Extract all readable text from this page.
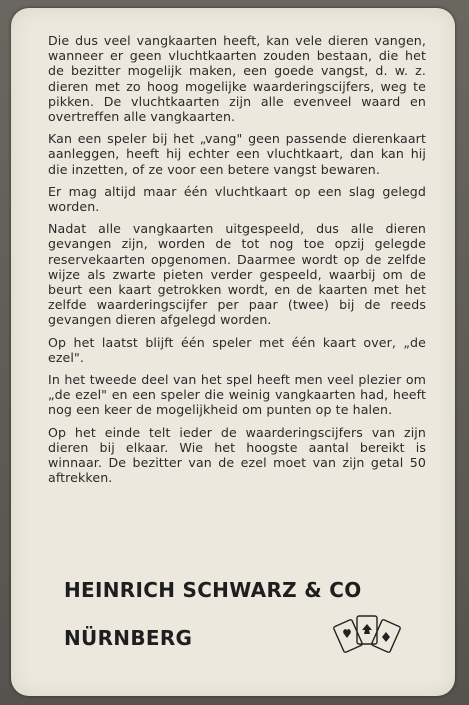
Die dus veel vangkaarten heeft, kan vele dieren vangen, wanneer er geen vluchtkaarten zouden bestaan, die het de bezitter mogelijk maken, een goede vangst, d. w. z. dieren met zo hoog mogelijke waarderingscijfers, weg te pikken. De vluchtkaarten zijn alle evenveel waard en overtreffen alle vangkaarten.

Kan een speler bij het „vang" geen passende dierenkaart aanleggen, heeft hij echter een vluchtkaart, dan kan hij die inzetten, of ze voor een betere vangst bewaren.

Er mag altijd maar één vluchtkaart op een slag gelegd worden.

Nadat alle vangkaarten uitgespeeld, dus alle dieren gevangen zijn, worden de tot nog toe opzij gelegde reservekaarten opgenomen. Daarmee wordt op de zelfde wijze als zwarte pieten verder gespeeld, waarbij om de beurt een kaart getrokken wordt, en de kaarten met het zelfde waarderingscijfer per paar (twee) bij de reeds gevangen dieren afgelegd worden.

Op het laatst blijft één speler met één kaart over, „de ezel".

In het tweede deel van het spel heeft men veel plezier om „de ezel" en een speler die weinig vangkaarten had, heeft nog een keer de mogelijkheid om punten op te halen.

Op het einde telt ieder de waarderingscijfers van zijn dieren bij elkaar. Wie het hoogste aantal bereikt is winnaar. De bezitter van de ezel moet van zijn getal 50 aftrekken.

HEINRICH SCHWARZ & CO
NÜRNBERG
